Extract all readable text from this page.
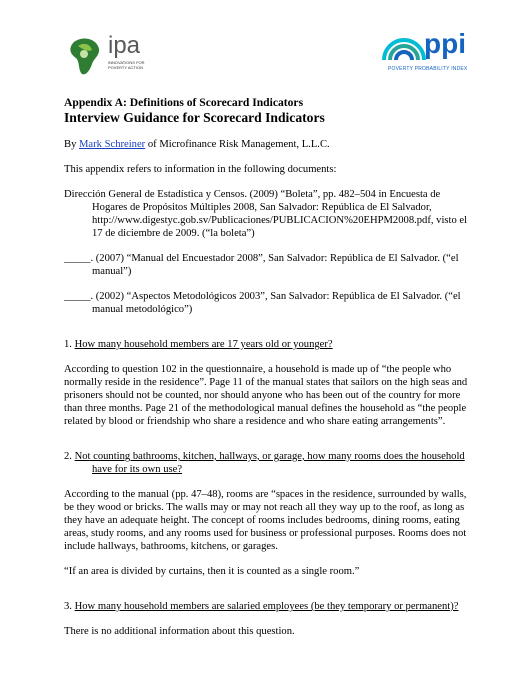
ipa
INNOVATIONS FOR POVERTY ACTION
ppi
POVERTY PROBABILITY INDEX

Appendix A: Definitions of Scorecard Indicators

Interview Guidance for Scorecard Indicators

By Mark Schreiner of Microfinance Risk Management, L.L.C.

This appendix refers to information in the following documents:

Dirección General de Estadística y Censos. (2009) “Boleta”, pp. 482–504 in Encuesta de Hogares de Propósitos Múltiples 2008, San Salvador: República de El Salvador, http://www.digestyc.gob.sv/Publicaciones/PUBLICACION%20EHPM2008.pdf, visto el 17 de diciembre de 2009. (“la boleta”)

_____. (2007) “Manual del Encuestador 2008”, San Salvador: República de El Salvador. (“el manual”)

_____. (2002) “Aspectos Metodológicos 2003”, San Salvador: República de El Salvador. (“el manual metodológico”)

1. How many household members are 17 years old or younger?

According to question 102 in the questionnaire, a household is made up of “the people who normally reside in the residence”. Page 11 of the manual states that sailors on the high seas and prisoners should not be counted, nor should anyone who has been out of the country for more than three months. Page 21 of the methodological manual defines the household as “the people related by blood or friendship who share a residence and who share eating arrangements”.

2. Not counting bathrooms, kitchen, hallways, or garage, how many rooms does the household have for its own use?

According to the manual (pp. 47–48), rooms are “spaces in the residence, surrounded by walls, be they wood or bricks. The walls may or may not reach all they way up to the roof, as long as they have an adequate height. The concept of rooms includes bedrooms, dining rooms, eating areas, study rooms, and any rooms used for business or professional purposes. Rooms does not include hallways, bathrooms, kitchens, or garages.

“If an area is divided by curtains, then it is counted as a single room.”

3. How many household members are salaried employees (be they temporary or permanent)?

There is no additional information about this question.
